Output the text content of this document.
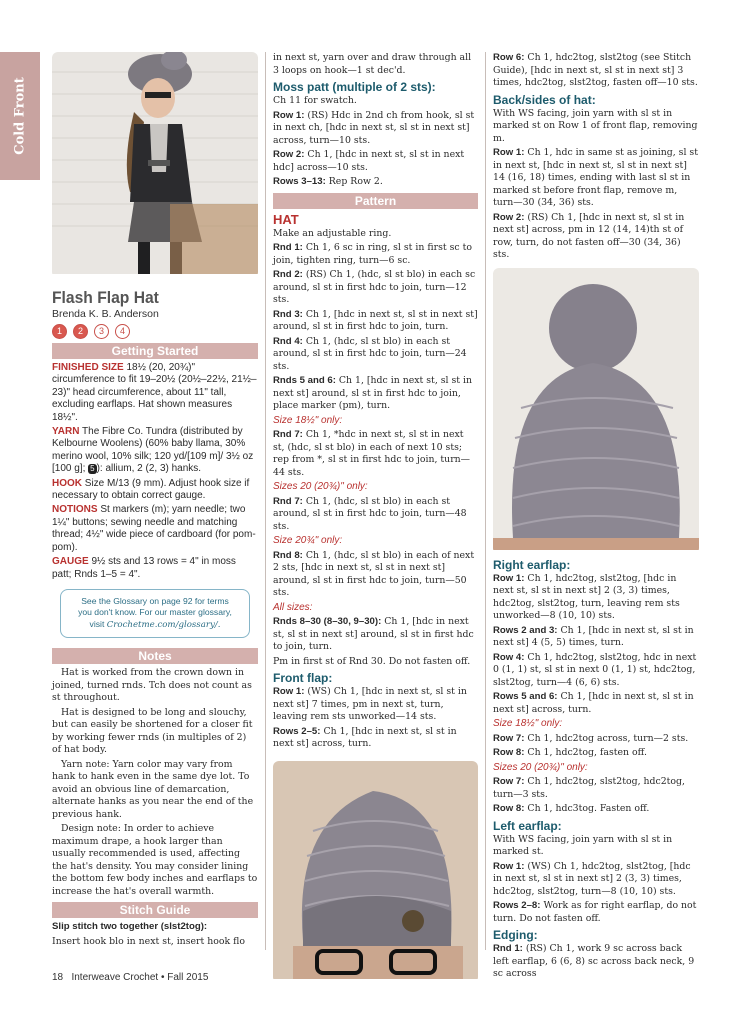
Cold Front
Flash Flap Hat
Brenda K. B. Anderson
1	2	3	4
Getting Started

FINISHED SIZE 18½ (20, 20¾)" circumference to fit 19–20½ (20½–22½, 21½–23)" head circumference, about 11" tall, excluding earflaps. Hat shown measures 18½".

YARN The Fibre Co. Tundra (distributed by Kelbourne Woolens) (60% baby llama, 30% merino wool, 10% silk; 120 yd/[109 m]/ 3½ oz [100 g]; 5 ): allium, 2 (2, 3) hanks.

HOOK Size M/13 (9 mm). Adjust hook size if necessary to obtain correct gauge.

NOTIONS St markers (m); yarn needle; two 1¼" buttons; sewing needle and matching thread; 4½" wide piece of cardboard (for pom-pom).

GAUGE 9½ sts and 13 rows = 4" in moss patt; Rnds 1–5 = 4".

See the Glossary on page 92 for terms
you don't know. For our master glossary,
visit Crochetme.com/glossary/.
Notes

Hat is worked from the crown down in joined, turned rnds. Tch does not count as st throughout.

Hat is designed to be long and slouchy, but can easily be shortened for a closer fit by working fewer rnds (in multiples of 2) of hat body.

Yarn note: Yarn color may vary from hank to hank even in the same dye lot. To avoid an obvious line of demarcation, alternate hanks as you near the end of the previous hank.

Design note: In order to achieve maximum drape, a hook larger than usually recommended is used, affecting the hat's density. You may consider lining the bottom few body inches and earflaps to increase the hat's overall warmth.

Stitch Guide

Slip stitch two together (slst2tog):

Insert hook blo in next st, insert hook flo

in next st, yarn over and draw through all 3 loops on hook—1 st dec'd.

Moss patt (multiple of 2 sts):

Ch 11 for swatch.

Row 1: (RS) Hdc in 2nd ch from hook, sl st in next ch, [hdc in next st, sl st in next st] across, turn—10 sts.

Row 2: Ch 1, [hdc in next st, sl st in next hdc] across—10 sts.

Rows 3–13: Rep Row 2.

Pattern
HAT

Make an adjustable ring.

Rnd 1: Ch 1, 6 sc in ring, sl st in first sc to join, tighten ring, turn—6 sc.

Rnd 2: (RS) Ch 1, (hdc, sl st blo) in each sc around, sl st in first hdc to join, turn—12 sts.

Rnd 3: Ch 1, [hdc in next st, sl st in next st] around, sl st in first hdc to join, turn.

Rnd 4: Ch 1, (hdc, sl st blo) in each st around, sl st in first hdc to join, turn—24 sts.

Rnds 5 and 6: Ch 1, [hdc in next st, sl st in next st] around, sl st in first hdc to join, place marker (pm), turn.

Size 18½" only:

Rnd 7: Ch 1, *hdc in next st, sl st in next st, (hdc, sl st blo) in each of next 10 sts; rep from *, sl st in first hdc to join, turn—44 sts.

Sizes 20 (20¾)" only:

Rnd 7: Ch 1, (hdc, sl st blo) in each st around, sl st in first hdc to join, turn—48 sts.

Size 20¾" only:

Rnd 8: Ch 1, (hdc, sl st blo) in each of next 2 sts, [hdc in next st, sl st in next st] around, sl st in first hdc to join, turn—50 sts.

All sizes:

Rnds 8–30 (8–30, 9–30): Ch 1, [hdc in next st, sl st in next st] around, sl st in first hdc to join, turn.

Pm in first st of Rnd 30. Do not fasten off.

Front flap:

Row 1: (WS) Ch 1, [hdc in next st, sl st in next st] 7 times, pm in next st, turn, leaving rem sts unworked—14 sts.

Rows 2–5: Ch 1, [hdc in next st, sl st in next st] across, turn.

Row 6: Ch 1, hdc2tog, slst2tog (see Stitch Guide), [hdc in next st, sl st in next st] 3 times, hdc2tog, slst2tog, fasten off—10 sts.

Back/sides of hat:

With WS facing, join yarn with sl st in marked st on Row 1 of front flap, removing m.

Row 1: Ch 1, hdc in same st as joining, sl st in next st, [hdc in next st, sl st in next st] 14 (16, 18) times, ending with last sl st in marked st before front flap, remove m, turn—30 (34, 36) sts.

Row 2: (RS) Ch 1, [hdc in next st, sl st in next st] across, pm in 12 (14, 14)th st of row, turn, do not fasten off—30 (34, 36) sts.

Right earflap:

Row 1: Ch 1, hdc2tog, slst2tog, [hdc in next st, sl st in next st] 2 (3, 3) times, hdc2tog, slst2tog, turn, leaving rem sts unworked—8 (10, 10) sts.

Rows 2 and 3: Ch 1, [hdc in next st, sl st in next st] 4 (5, 5) times, turn.

Row 4: Ch 1, hdc2tog, slst2tog, hdc in next 0 (1, 1) st, sl st in next 0 (1, 1) st, hdc2tog, slst2tog, turn—4 (6, 6) sts.

Rows 5 and 6: Ch 1, [hdc in next st, sl st in next st] across, turn.

Size 18½" only:

Row 7: Ch 1, hdc2tog across, turn—2 sts.

Row 8: Ch 1, hdc2tog, fasten off.

Sizes 20 (20¾)" only:

Row 7: Ch 1, hdc2tog, slst2tog, hdc2tog, turn—3 sts.

Row 8: Ch 1, hdc3tog. Fasten off.

Left earflap:

With WS facing, join yarn with sl st in marked st.

Row 1: (WS) Ch 1, hdc2tog, slst2tog, [hdc in next st, sl st in next st] 2 (3, 3) times, hdc2tog, slst2tog, turn—8 (10, 10) sts.

Rows 2–8: Work as for right earflap, do not turn. Do not fasten off.

Edging:

Rnd 1: (RS) Ch 1, work 9 sc across back left earflap, 6 (6, 8) sc across back neck, 9 sc across

18 Interweave Crochet • Fall 2015
